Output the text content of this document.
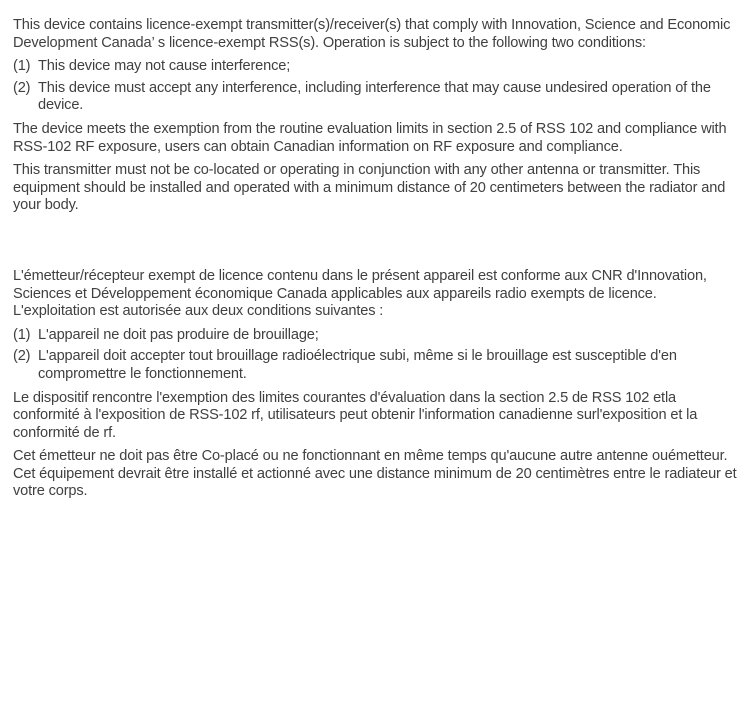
This device contains licence-exempt transmitter(s)/receiver(s) that comply with Innovation, Science and Economic Development Canada’ s licence-exempt RSS(s). Operation is subject to the following two conditions:

(1) This device may not cause interference;
(2) This device must accept any interference, including interference that may cause undesired operation of the device.

The device meets the exemption from the routine evaluation limits in section 2.5 of RSS 102 and compliance with RSS-102 RF exposure, users can obtain Canadian information on RF exposure and compliance.

This transmitter must not be co-located or operating in conjunction with any other antenna or transmitter. This equipment should be installed and operated with a minimum distance of 20 centimeters between the radiator and your body.

L'émetteur/récepteur exempt de licence contenu dans le présent appareil est conforme aux CNR d'Innovation, Sciences et Développement économique Canada applicables aux appareils radio exempts de licence. L'exploitation est autorisée aux deux conditions suivantes :

(1) L'appareil ne doit pas produire de brouillage;
(2) L'appareil doit accepter tout brouillage radioélectrique subi, même si le brouillage est susceptible d'en compromettre le fonctionnement.

Le dispositif rencontre l'exemption des limites courantes d'évaluation dans la section 2.5 de RSS 102 etla conformité à l'exposition de RSS-102 rf, utilisateurs peut obtenir l'information canadienne surl'exposition et la conformité de rf.

Cet émetteur ne doit pas être Co-placé ou ne fonctionnant en même temps qu'aucune autre antenne ouémetteur. Cet équipement devrait être installé et actionné avec une distance minimum de 20 centimètres entre le radiateur et votre corps.
